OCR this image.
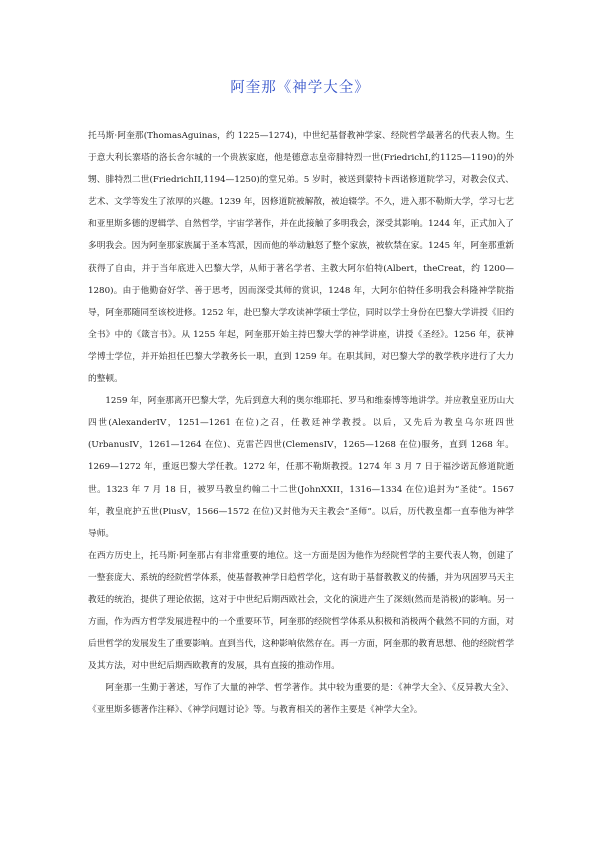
阿奎那《神学大全》

托马斯·阿奎那(ThomasAguinas，约 1225—1274)，中世纪基督教神学家、经院哲学最著名的代表人物。生于意大利长寨塔的洛长舍尔城的一个贵族家庭，他是德意志皇帝腓特烈一世(FriedrichI,约1125—1190)的外甥、腓特烈二世(FriedrichII,1194—1250)的堂兄弟。5 岁时，被送到蒙特卡西诺修道院学习，对教会仪式、艺术、文学等发生了浓厚的兴趣。1239 年，因修道院被解散，被迫辍学。不久，进入那不勒斯大学，学习七艺和亚里斯多德的逻辑学、自然哲学，宇宙学著作，并在此接触了多明我会，深受其影响。1244 年，正式加入了多明我会。因为阿奎那家族属于圣本笃派，因而他的举动触怒了整个家族，被软禁在家。1245 年，阿奎那重新获得了自由，并于当年底进入巴黎大学，从师于著名学者、主教大阿尔伯特(Albert，theCreat，约 1200—1280)。由于他勤奋好学、善于思考，因而深受其师的赏识，1248 年，大阿尔伯特任多明我会科隆神学院指导，阿奎那随同至该校进修。1252 年，赴巴黎大学攻读神学硕士学位，同时以学士身份在巴黎大学讲授《旧约全书》中的《箴言书》。从 1255 年起，阿奎那开始主持巴黎大学的神学讲座，讲授《圣经》。1256 年，获神学博士学位，并开始担任巴黎大学教务长一职，直到 1259 年。在职其间，对巴黎大学的教学秩序进行了大力的整顿。

1259 年，阿奎那离开巴黎大学，先后到意大利的奥尔维耶托、罗马和维泰博等地讲学。并应教皇亚历山大四世(AlexanderIV，1251—1261 在位)之召，任教廷神学教授。以后，又先后为教皇乌尔班四世(UrbanusIV，1261—1264 在位)、克雷芒四世(ClemensIV，1265—1268 在位)服务，直到 1268 年。1269—1272 年，重返巴黎大学任教。1272 年，任那不勒斯教授。1274 年 3 月 7 日于福沙诺瓦修道院逝世。1323 年 7 月 18 日，被罗马教皇约翰二十二世(JohnXXII，1316—1334 在位)追封为“圣徒”。1567 年，教皇庇护五世(PiusV，1566—1572 在位)又封他为天主教会“圣师”。以后，历代教皇都一直奉他为神学导师。

在西方历史上，托马斯·阿奎那占有非常重要的地位。这一方面是因为他作为经院哲学的主要代表人物，创建了一整套庞大、系统的经院哲学体系，使基督教神学日趋哲学化，这有助于基督教教义的传播，并为巩固罗马天主教廷的统治，提供了理论依据，这对于中世纪后期西欧社会，文化的演进产生了深刻(然而是消极)的影响。另一方面，作为西方哲学发展进程中的一个重要环节，阿奎那的经院哲学体系从积极和消极两个截然不同的方面，对后世哲学的发展发生了重要影响。直到当代，这种影响依然存在。再一方面，阿奎那的教育思想、他的经院哲学及其方法，对中世纪后期西欧教育的发展，具有直接的推动作用。

阿奎那一生勤于著述，写作了大量的神学、哲学著作。其中较为重要的是：《神学大全》、《反异教大全》、《亚里斯多德著作注释》、《神学问题讨论》等。与教育相关的著作主要是《神学大全》。
